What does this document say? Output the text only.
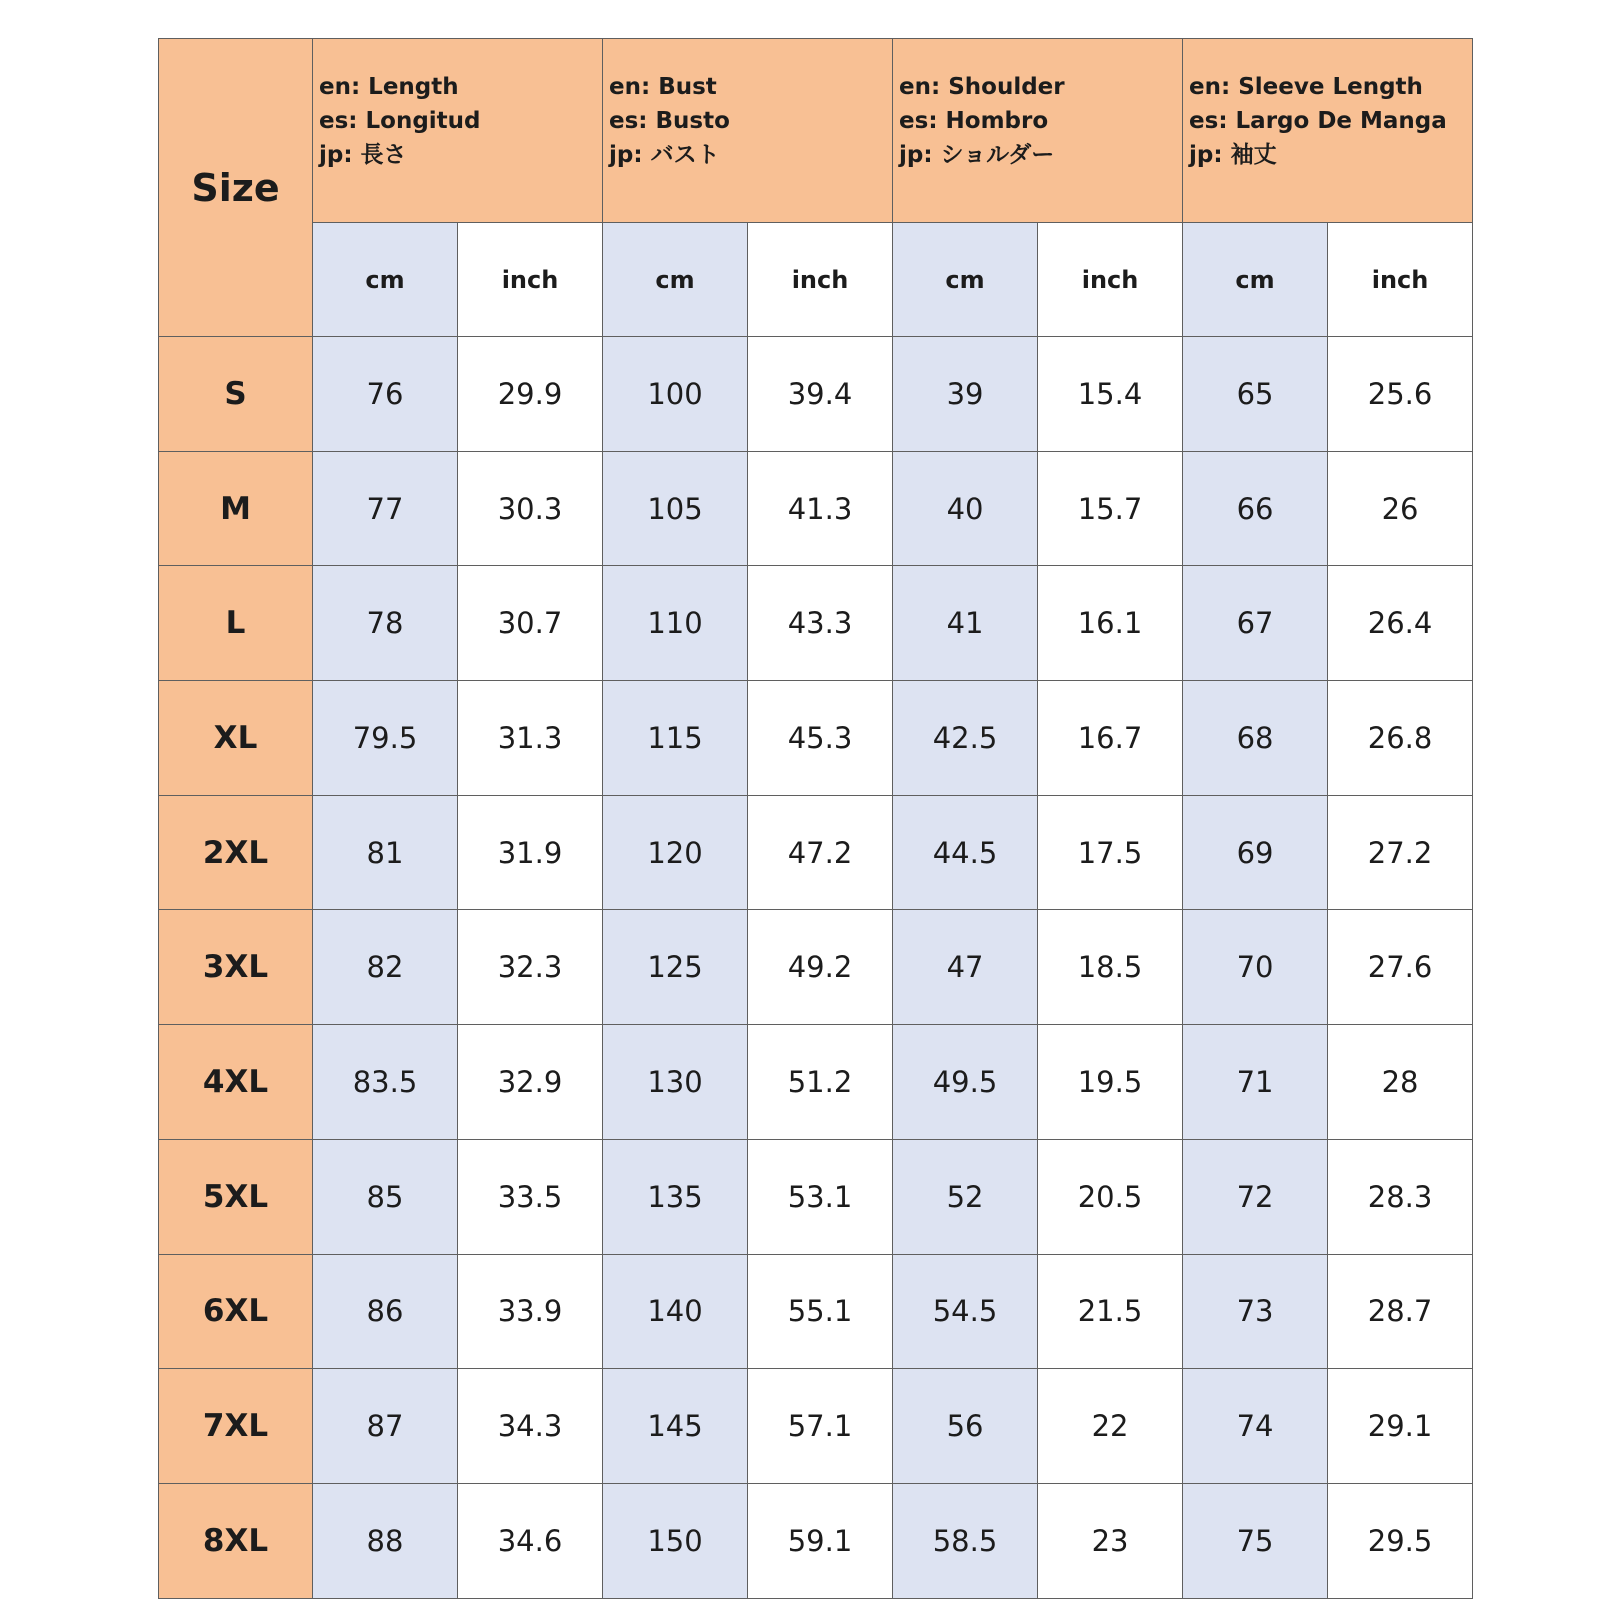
Size	en: Length
es: Longitud
jp: 長さ		en: Bust
es: Busto
jp: バスト		en: Shoulder
es: Hombro
jp: ショルダー		en: Sleeve Length
es: Largo De Manga
jp: 袖丈	

	cm	inch	cm	inch	cm	inch	cm	inch
S	76	29.9	100	39.4	39	15.4	65	25.6
M	77	30.3	105	41.3	40	15.7	66	26
L	78	30.7	110	43.3	41	16.1	67	26.4
XL	79.5	31.3	115	45.3	42.5	16.7	68	26.8
2XL	81	31.9	120	47.2	44.5	17.5	69	27.2
3XL	82	32.3	125	49.2	47	18.5	70	27.6
4XL	83.5	32.9	130	51.2	49.5	19.5	71	28
5XL	85	33.5	135	53.1	52	20.5	72	28.3
6XL	86	33.9	140	55.1	54.5	21.5	73	28.7
7XL	87	34.3	145	57.1	56	22	74	29.1
8XL	88	34.6	150	59.1	58.5	23	75	29.5
